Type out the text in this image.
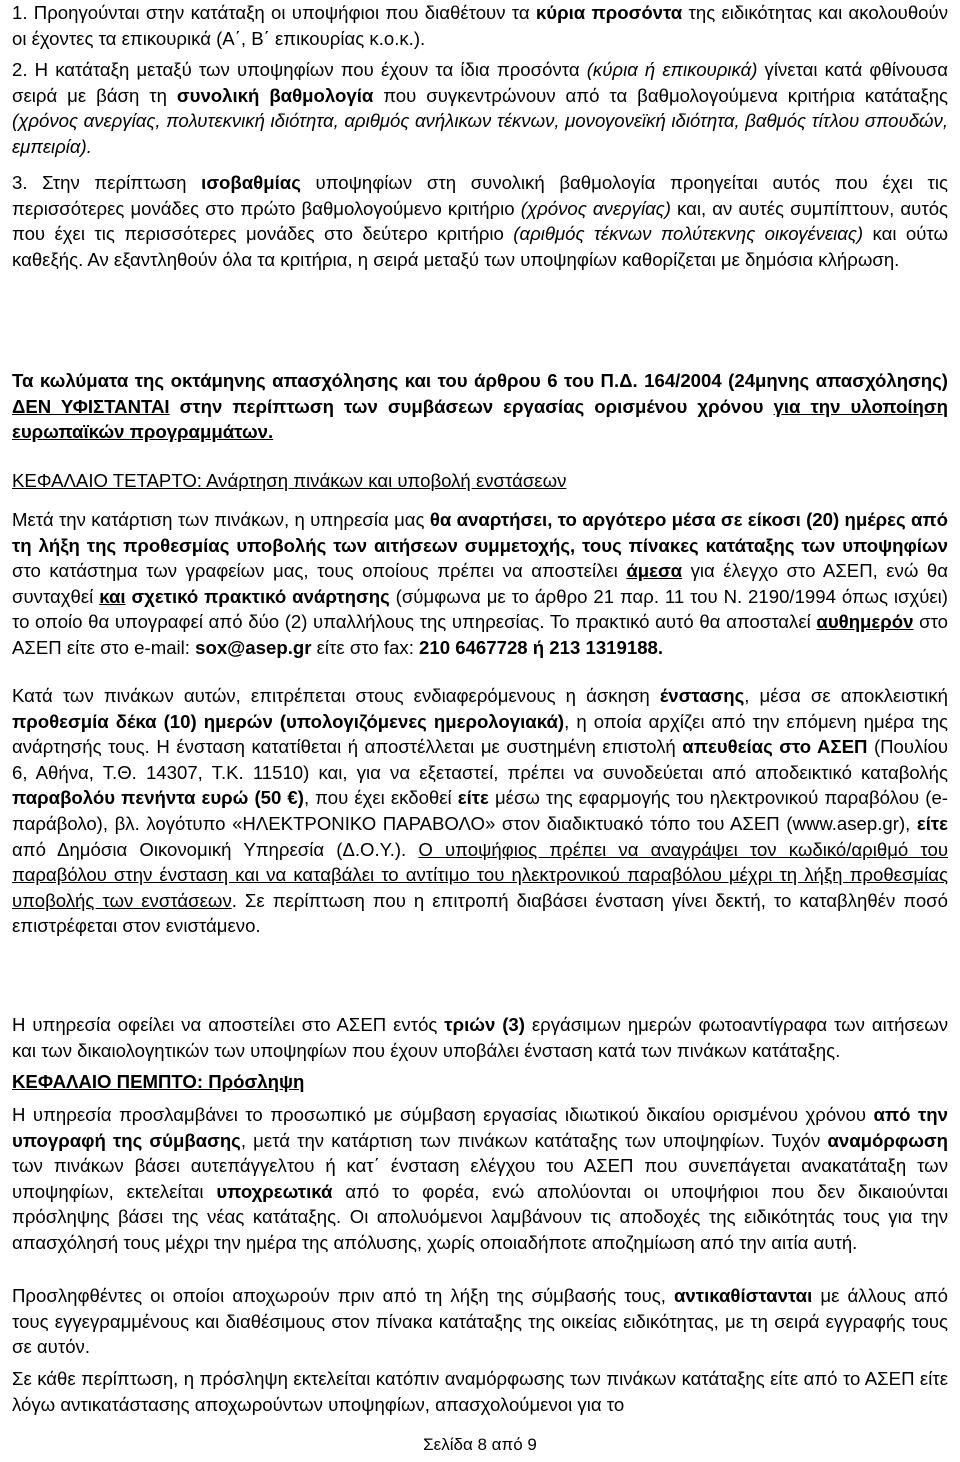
1. Προηγούνται στην κατάταξη οι υποψήφιοι που διαθέτουν τα κύρια προσόντα της ειδικότητας και ακολουθούν οι έχοντες τα επικουρικά (Α΄, Β΄ επικουρίας κ.ο.κ.).

2. Η κατάταξη μεταξύ των υποψηφίων που έχουν τα ίδια προσόντα (κύρια ή επικουρικά) γίνεται κατά φθίνουσα σειρά με βάση τη συνολική βαθμολογία που συγκεντρώνουν από τα βαθμολογούμενα κριτήρια κατάταξης (χρόνος ανεργίας, πολυτεκνική ιδιότητα, αριθμός ανήλικων τέκνων, μονογονεϊκή ιδιότητα, βαθμός τίτλου σπουδών, εμπειρία).

3. Στην περίπτωση ισοβαθμίας υποψηφίων στη συνολική βαθμολογία προηγείται αυτός που έχει τις περισσότερες μονάδες στο πρώτο βαθμολογούμενο κριτήριο (χρόνος ανεργίας) και, αν αυτές συμπίπτουν, αυτός που έχει τις περισσότερες μονάδες στο δεύτερο κριτήριο (αριθμός τέκνων πολύτεκνης οικογένειας) και ούτω καθεξής. Αν εξαντληθούν όλα τα κριτήρια, η σειρά μεταξύ των υποψηφίων καθορίζεται με δημόσια κλήρωση.

Τα κωλύματα της οκτάμηνης απασχόλησης και του άρθρου 6 του Π.Δ. 164/2004 (24μηνης απασχόλησης) ΔΕΝ ΥΦΙΣΤΑΝΤΑΙ στην περίπτωση των συμβάσεων εργασίας ορισμένου χρόνου για την υλοποίηση ευρωπαϊκών προγραμμάτων.

ΚΕΦΑΛΑΙΟ ΤΕΤΑΡΤΟ: Ανάρτηση πινάκων και υποβολή ενστάσεων

Μετά την κατάρτιση των πινάκων, η υπηρεσία μας θα αναρτήσει, το αργότερο μέσα σε είκοσι (20) ημέρες από τη λήξη της προθεσμίας υποβολής των αιτήσεων συμμετοχής, τους πίνακες κατάταξης των υποψηφίων στο κατάστημα των γραφείων μας, τους οποίους πρέπει να αποστείλει άμεσα για έλεγχο στο ΑΣΕΠ, ενώ θα συνταχθεί και σχετικό πρακτικό ανάρτησης (σύμφωνα με το άρθρο 21 παρ. 11 του Ν. 2190/1994 όπως ισχύει) το οποίο θα υπογραφεί από δύο (2) υπαλλήλους της υπηρεσίας. Το πρακτικό αυτό θα αποσταλεί αυθημερόν στο ΑΣΕΠ είτε στο e-mail: sox@asep.gr είτε στο fax: 210 6467728 ή 213 1319188.

Κατά των πινάκων αυτών, επιτρέπεται στους ενδιαφερόμενους η άσκηση ένστασης, μέσα σε αποκλειστική προθεσμία δέκα (10) ημερών (υπολογιζόμενες ημερολογιακά), η οποία αρχίζει από την επόμενη ημέρα της ανάρτησής τους. Η ένσταση κατατίθεται ή αποστέλλεται με συστημένη επιστολή απευθείας στο ΑΣΕΠ (Πουλίου 6, Αθήνα, Τ.Θ. 14307, Τ.Κ. 11510) και, για να εξεταστεί, πρέπει να συνοδεύεται από αποδεικτικό καταβολής παραβολόυ πενήντα ευρώ (50 €), που έχει εκδοθεί είτε μέσω της εφαρμογής του ηλεκτρονικού παραβόλου (e-παράβολο), βλ. λογότυπο «ΗΛΕΚΤΡΟΝΙΚΟ ΠΑΡΑΒΟΛΟ» στον διαδικτυακό τόπο του ΑΣΕΠ (www.asep.gr), είτε από Δημόσια Οικονομική Υπηρεσία (Δ.Ο.Υ.). Ο υποψήφιος πρέπει να αναγράψει τον κωδικό/αριθμό του παραβόλου στην ένσταση και να καταβάλει το αντίτιμο του ηλεκτρονικού παραβόλου μέχρι τη λήξη προθεσμίας υποβολής των ενστάσεων. Σε περίπτωση που η επιτροπή διαβάσει ένσταση γίνει δεκτή, το καταβληθέν ποσό επιστρέφεται στον ενιστάμενο.

Η υπηρεσία οφείλει να αποστείλει στο ΑΣΕΠ εντός τριών (3) εργάσιμων ημερών φωτοαντίγραφα των αιτήσεων και των δικαιολογητικών των υποψηφίων που έχουν υποβάλει ένσταση κατά των πινάκων κατάταξης.

ΚΕΦΑΛΑΙΟ ΠΕΜΠΤΟ: Πρόσληψη

Η υπηρεσία προσλαμβάνει το προσωπικό με σύμβαση εργασίας ιδιωτικού δικαίου ορισμένου χρόνου από την υπογραφή της σύμβασης, μετά την κατάρτιση των πινάκων κατάταξης των υποψηφίων. Τυχόν αναμόρφωση των πινάκων βάσει αυτεπάγγελτου ή κατ΄ ένσταση ελέγχου του ΑΣΕΠ που συνεπάγεται ανακατάταξη των υποψηφίων, εκτελείται υποχρεωτικά από το φορέα, ενώ απολύονται οι υποψήφιοι που δεν δικαιούνται πρόσληψης βάσει της νέας κατάταξης. Οι απολυόμενοι λαμβάνουν τις αποδοχές της ειδικότητάς τους για την απασχόλησή τους μέχρι την ημέρα της απόλυσης, χωρίς οποιαδήποτε αποζημίωση από την αιτία αυτή.

Προσληφθέντες οι οποίοι αποχωρούν πριν από τη λήξη της σύμβασής τους, αντικαθίστανται με άλλους από τους εγγεγραμμένους και διαθέσιμους στον πίνακα κατάταξης της οικείας ειδικότητας, με τη σειρά εγγραφής τους σε αυτόν.

Σε κάθε περίπτωση, η πρόσληψη εκτελείται κατόπιν αναμόρφωσης των πινάκων κατάταξης είτε από το ΑΣΕΠ είτε λόγω αντικατάστασης αποχωρούντων υποψηφίων, απασχολούμενοι για το

Σελίδα 8 από 9
